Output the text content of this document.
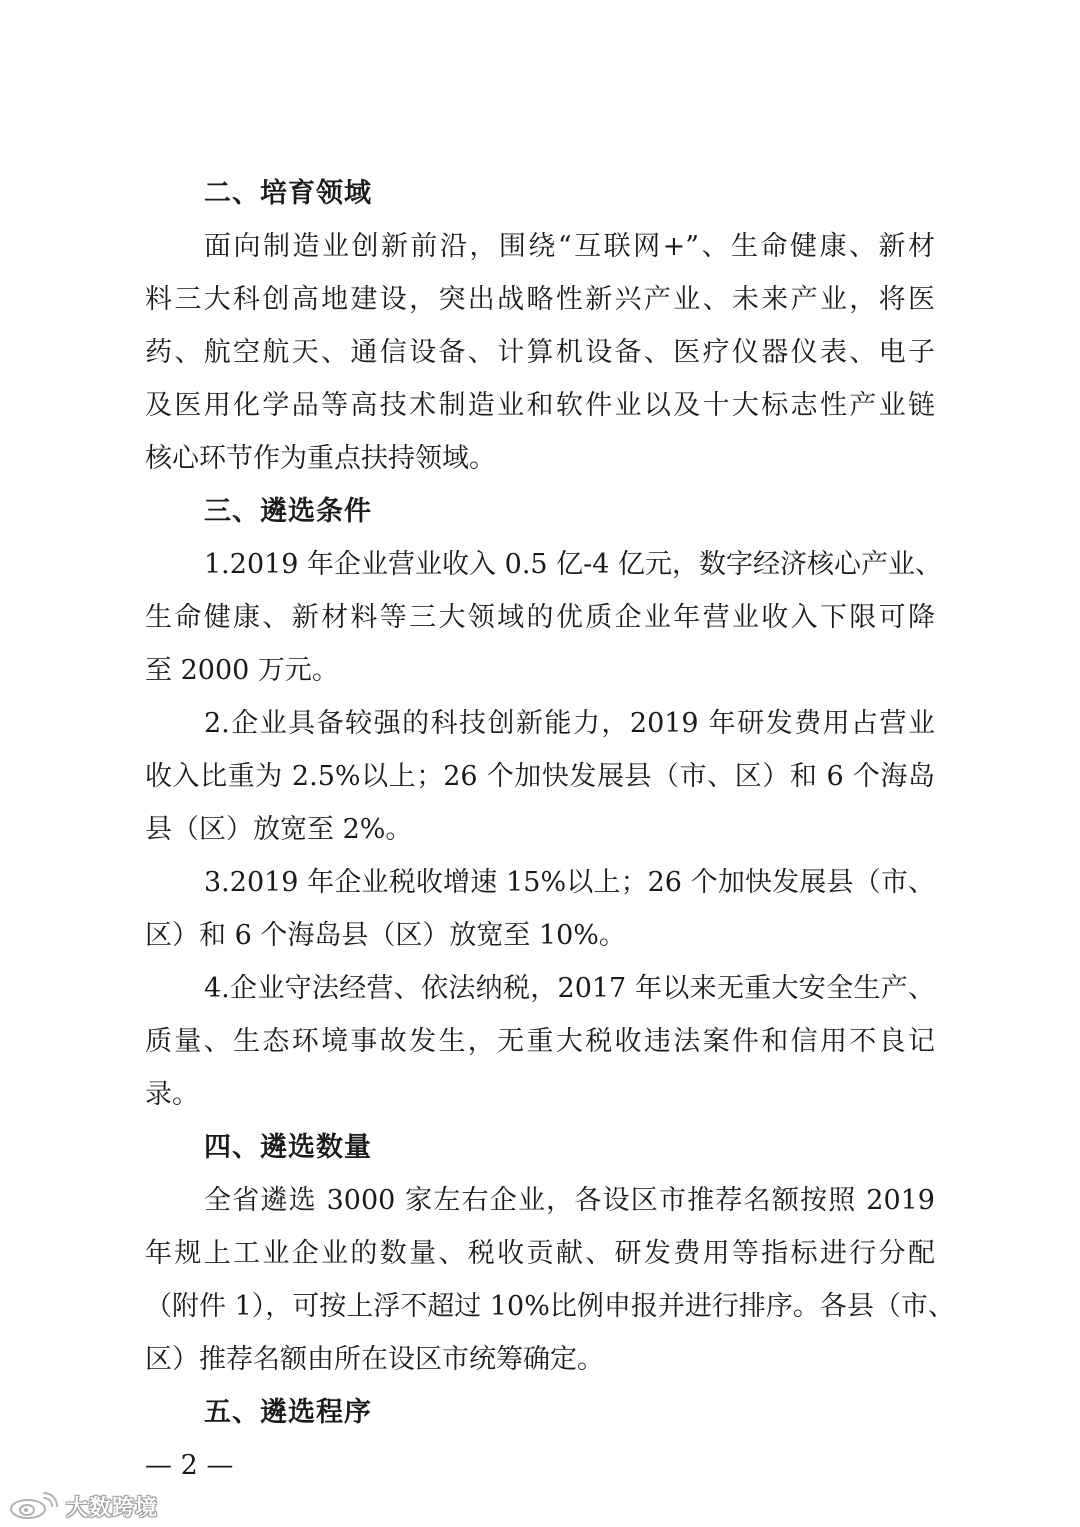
二、培育领域
面向制造业创新前沿，围绕“互联网+”、生命健康、新材
料三大科创高地建设，突出战略性新兴产业、未来产业，将医
药、航空航天、通信设备、计算机设备、医疗仪器仪表、电子
及医用化学品等高技术制造业和软件业以及十大标志性产业链
核心环节作为重点扶持领域。
三、遴选条件
1.2019 年企业营业收入 0.5 亿-4 亿元，数字经济核心产业、
生命健康、新材料等三大领域的优质企业年营业收入下限可降
至 2000 万元。
2.企业具备较强的科技创新能力，2019 年研发费用占营业
收入比重为 2.5%以上；26 个加快发展县（市、区）和 6 个海岛
县（区）放宽至 2%。
3.2019 年企业税收增速 15%以上；26 个加快发展县（市、
区）和 6 个海岛县（区）放宽至 10%。
4.企业守法经营、依法纳税，2017 年以来无重大安全生产、
质量、生态环境事故发生，无重大税收违法案件和信用不良记
录。
四、遴选数量
全省遴选 3000 家左右企业，各设区市推荐名额按照 2019
年规上工业企业的数量、税收贡献、研发费用等指标进行分配
（附件 1），可按上浮不超过 10%比例申报并进行排序。各县（市、
区）推荐名额由所在设区市统筹确定。
五、遴选程序
— 2 —
大数跨境
